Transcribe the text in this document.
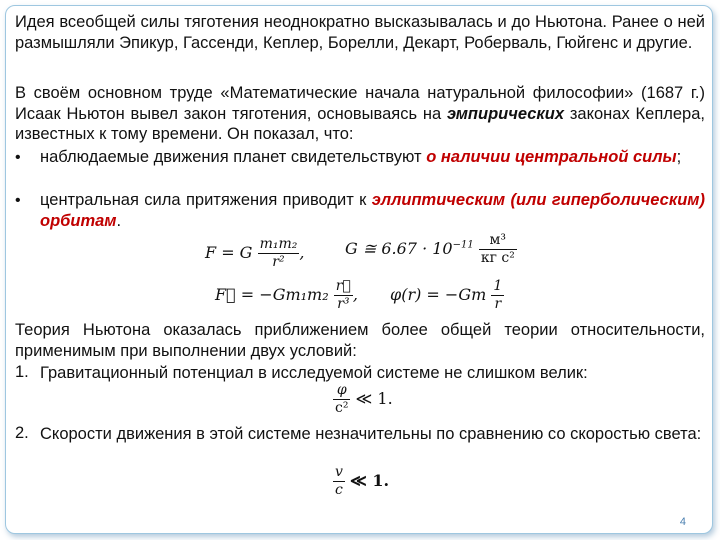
Идея всеобщей силы тяготения неоднократно высказывалась и до Ньютона. Ранее о ней размышляли Эпикур, Гассенди, Кеплер, Борелли, Декарт, Роберваль, Гюйгенс и другие.
В своём основном труде «Математические начала натуральной философии» (1687 г.) Исаак Ньютон вывел закон тяготения, основываясь на эмпирических законах Кеплера, известных к тому времени. Он показал, что:
• наблюдаемые движения планет свидетельствуют о наличии центральной силы;
• центральная сила притяжения приводит к эллиптическим (или гиперболическим) орбитам.
F = G $\frac{\text{m₁m₂}}{\text{r²}}$ ,	G ≅ $6.67 \cdot 10^{-11} \frac{\text{м³}}{\text{кг с²}}$
F⃗ = $-Gm_1m_2 \frac{r⃗}{\text{r³}}$ , $\varphi(r) = -Gm \frac{1}{r}$
Теория Ньютона оказалась приближением более общей теории относительности, применимым при выполнении двух условий:
1. Гравитационный потенциал в исследуемой системе не слишком велик:
$\frac{\varphi}{\text{c²}}$ ≪ 1.
2. Скорости движения в этой системе незначительны по сравнению со скоростью света:
$\frac{v}{c}$ ≪ 1.
4
